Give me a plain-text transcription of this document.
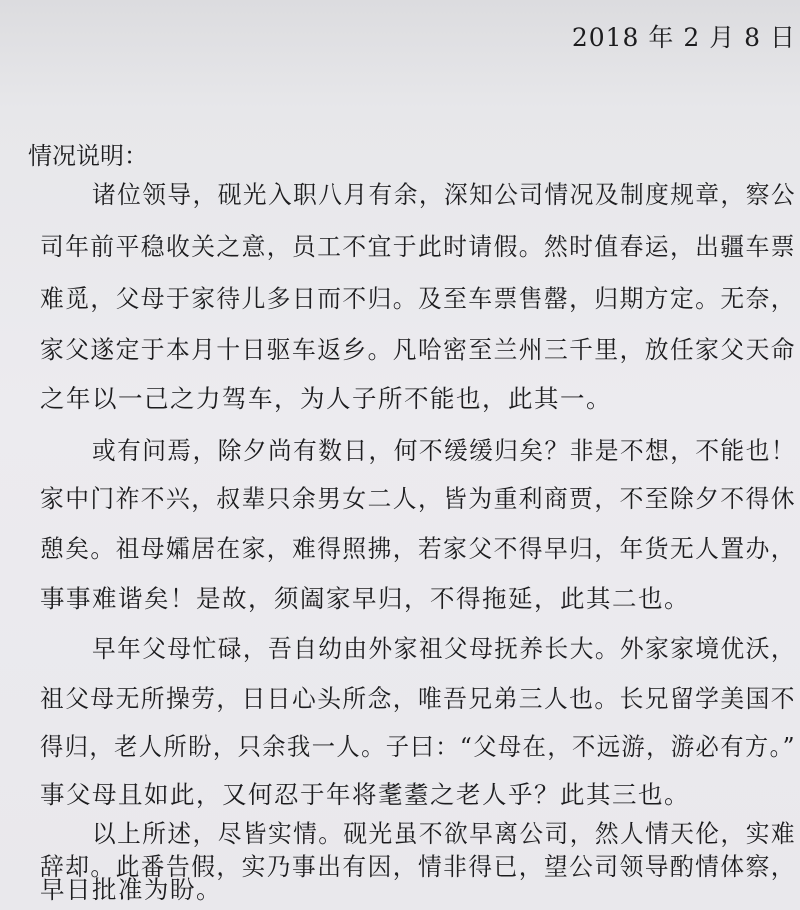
2018 年 2 月 8 日
情况说明：
诸位领导，砚光入职八月有余，深知公司情况及制度规章，察公
司年前平稳收关之意，员工不宜于此时请假。然时值春运，出疆车票
难觅，父母于家待儿多日而不归。及至车票售罄，归期方定。无奈，
家父遂定于本月十日驱车返乡。凡哈密至兰州三千里，放任家父天命
之年以一己之力驾车，为人子所不能也，此其一。
或有问焉，除夕尚有数日，何不缓缓归矣？非是不想，不能也！
家中门祚不兴，叔辈只余男女二人，皆为重利商贾，不至除夕不得休
憩矣。祖母孀居在家，难得照拂，若家父不得早归，年货无人置办，
事事难谐矣！是故，须阖家早归，不得拖延，此其二也。
早年父母忙碌，吾自幼由外家祖父母抚养长大。外家家境优沃，
祖父母无所操劳，日日心头所念，唯吾兄弟三人也。长兄留学美国不
得归，老人所盼，只余我一人。子曰：“父母在，不远游，游必有方。”
事父母且如此，又何忍于年将耄耋之老人乎？此其三也。
以上所述，尽皆实情。砚光虽不欲早离公司，然人情天伦，实难
辞却。此番告假，实乃事出有因，情非得已，望公司领导酌情体察，
早日批准为盼。
